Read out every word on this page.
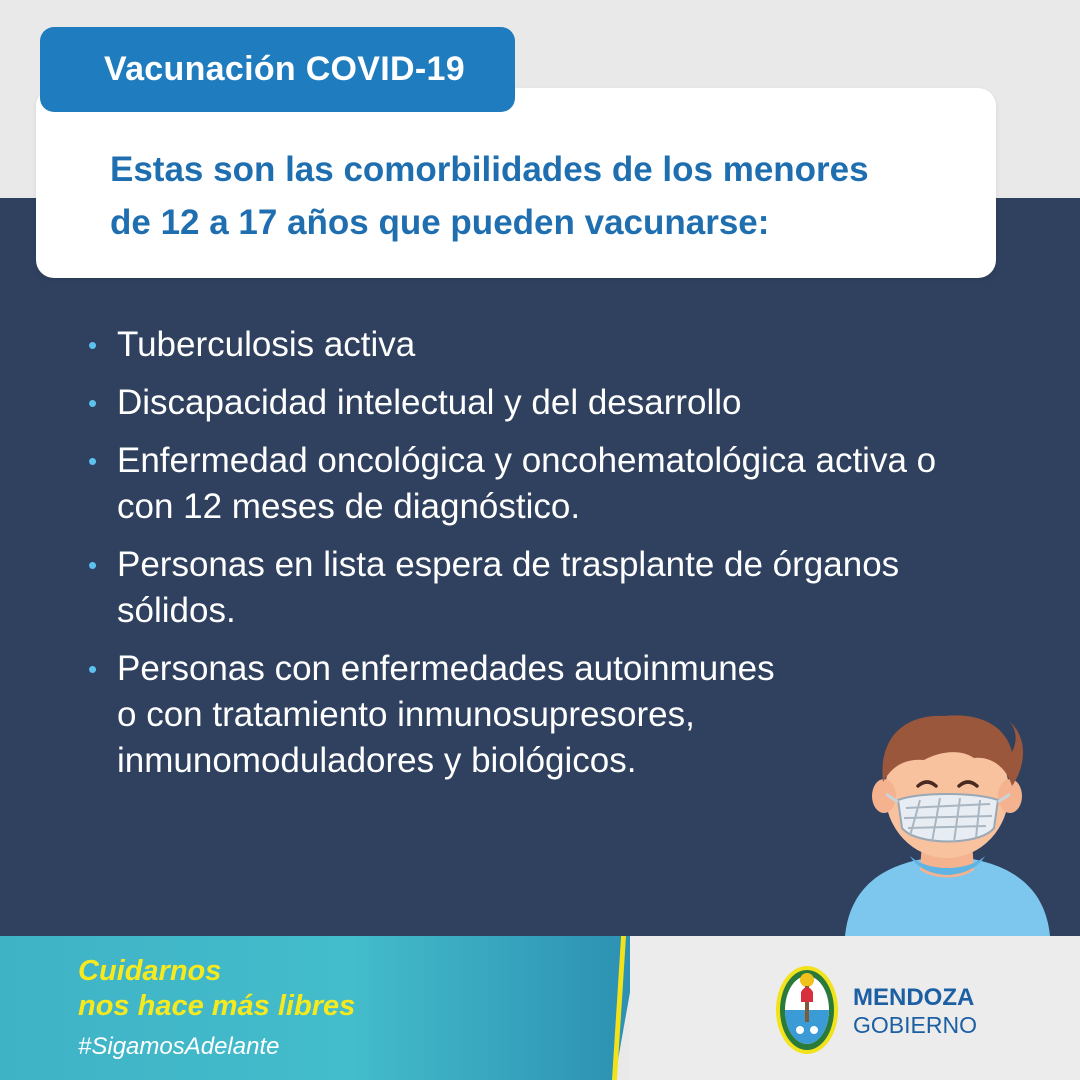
Vacunación COVID-19
Estas son las comorbilidades de los menores
de 12 a 17 años que pueden vacunarse:
• Tuberculosis activa
• Discapacidad intelectual y del desarrollo
• Enfermedad oncológica y oncohematológica activa o
con 12 meses de diagnóstico.
• Personas en lista espera de trasplante de órganos
sólidos.
• Personas con enfermedades autoinmunes
o con tratamiento inmunosupresores,
inmunomoduladores y biológicos.
Cuidarnos
nos hace más libres
#SigamosAdelante
MENDOZA
GOBIERNO
